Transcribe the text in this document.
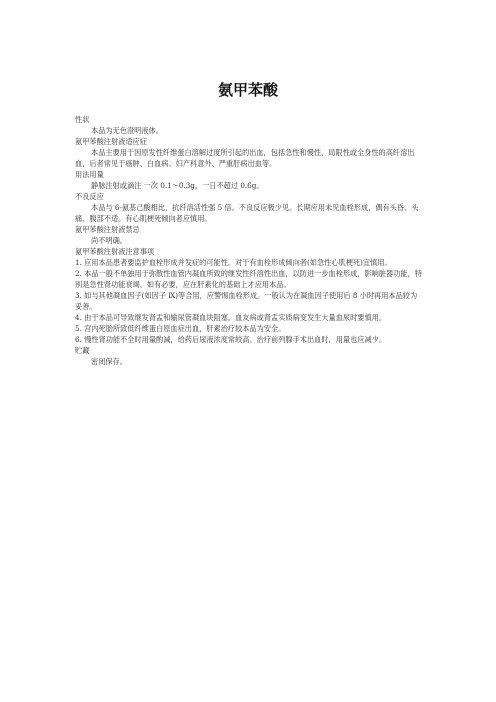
氨甲苯酸

性状

本品为无色澄明液体。

氨甲苯酸注射液适应症

本品主要用于因原发性纤维蛋白溶解过度所引起的出血，包括急性和慢性、局限性或全身性的高纤溶出血，后者常见于癌肿、白血病、妇产科意外、严重肝病出血等。

用法用量

静脉注射或滴注 一次 0.1～0.3g，一日不超过 0.6g。

不良反应

本品与 6-氨基己酸相比，抗纤溶活性强 5 倍。不良反应极少见。长期应用未见血栓形成，偶有头昏、头痛、腹部不适。有心肌梗死倾向者应慎用。

氨甲苯酸注射液禁忌

尚不明确。

氨甲苯酸注射液注意事项

1. 应用本品患者要监护血栓形成并发症的可能性。对于有血栓形成倾向者(如急性心肌梗死)宜慎用。

2. 本品一般不单独用于弥散性血管内凝血所致的继发性纤溶性出血，以防进一步血栓形成，影响脏器功能，特别是急性肾功能衰竭。如有必要，应在肝素化的基础上才应用本品。

3. 如与其他凝血因子(如因子 Ⅸ)等合用，应警惕血栓形成。一般认为在凝血因子使用后 8 小时再用本品较为妥善。

4. 由于本品可导致继发肾盂和输尿管凝血块阻塞，血友病或肾盂实质病变发生大量血尿时要慎用。

5. 宫内死胎所致低纤维蛋白原血症出血，肝素治疗较本品为安全。

6. 慢性肾功能不全时用量酌减，给药后尿液浓度常较高。治疗前列腺手术出血时，用量也应减少。

贮藏

密闭保存。
